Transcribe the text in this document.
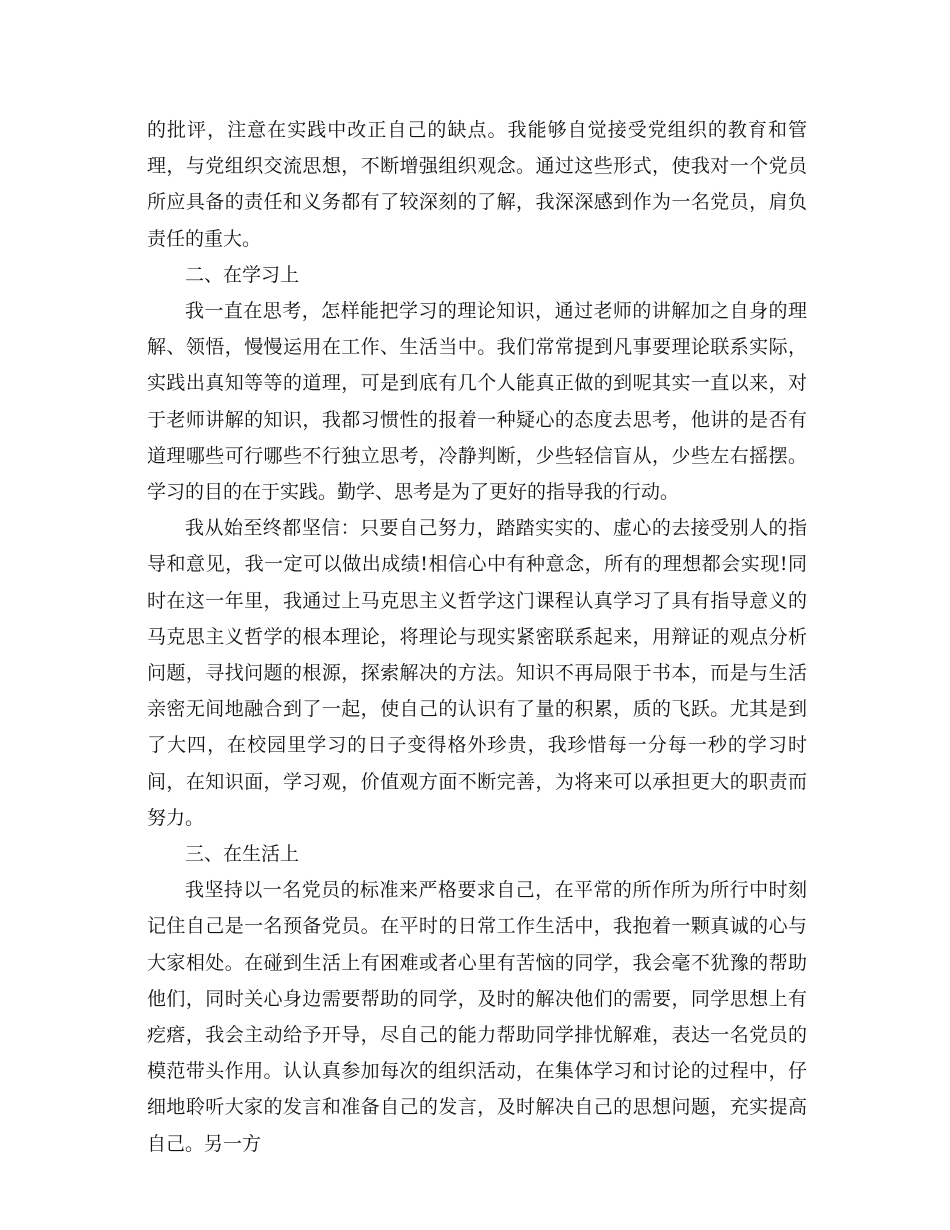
的批评，注意在实践中改正自己的缺点。我能够自觉接受党组织的教育和管理，与党组织交流思想，不断增强组织观念。通过这些形式，使我对一个党员所应具备的责任和义务都有了较深刻的了解，我深深感到作为一名党员，肩负责任的重大。

二、在学习上

我一直在思考，怎样能把学习的理论知识，通过老师的讲解加之自身的理解、领悟，慢慢运用在工作、生活当中。我们常常提到凡事要理论联系实际，实践出真知等等的道理，可是到底有几个人能真正做的到呢其实一直以来，对于老师讲解的知识，我都习惯性的报着一种疑心的态度去思考，他讲的是否有道理哪些可行哪些不行独立思考，冷静判断，少些轻信盲从，少些左右摇摆。学习的目的在于实践。勤学、思考是为了更好的指导我的行动。

我从始至终都坚信：只要自己努力，踏踏实实的、虚心的去接受别人的指导和意见，我一定可以做出成绩!相信心中有种意念，所有的理想都会实现!同时在这一年里，我通过上马克思主义哲学这门课程认真学习了具有指导意义的马克思主义哲学的根本理论，将理论与现实紧密联系起来，用辩证的观点分析问题，寻找问题的根源，探索解决的方法。知识不再局限于书本，而是与生活亲密无间地融合到了一起，使自己的认识有了量的积累，质的飞跃。尤其是到了大四，在校园里学习的日子变得格外珍贵，我珍惜每一分每一秒的学习时间，在知识面，学习观，价值观方面不断完善，为将来可以承担更大的职责而努力。

三、在生活上

我坚持以一名党员的标准来严格要求自己，在平常的所作所为所行中时刻记住自己是一名预备党员。在平时的日常工作生活中，我抱着一颗真诚的心与大家相处。在碰到生活上有困难或者心里有苦恼的同学，我会毫不犹豫的帮助他们，同时关心身边需要帮助的同学，及时的解决他们的需要，同学思想上有疙瘩，我会主动给予开导，尽自己的能力帮助同学排忧解难，表达一名党员的模范带头作用。认认真参加每次的组织活动，在集体学习和讨论的过程中，仔细地聆听大家的发言和准备自己的发言，及时解决自己的思想问题，充实提高自己。另一方
